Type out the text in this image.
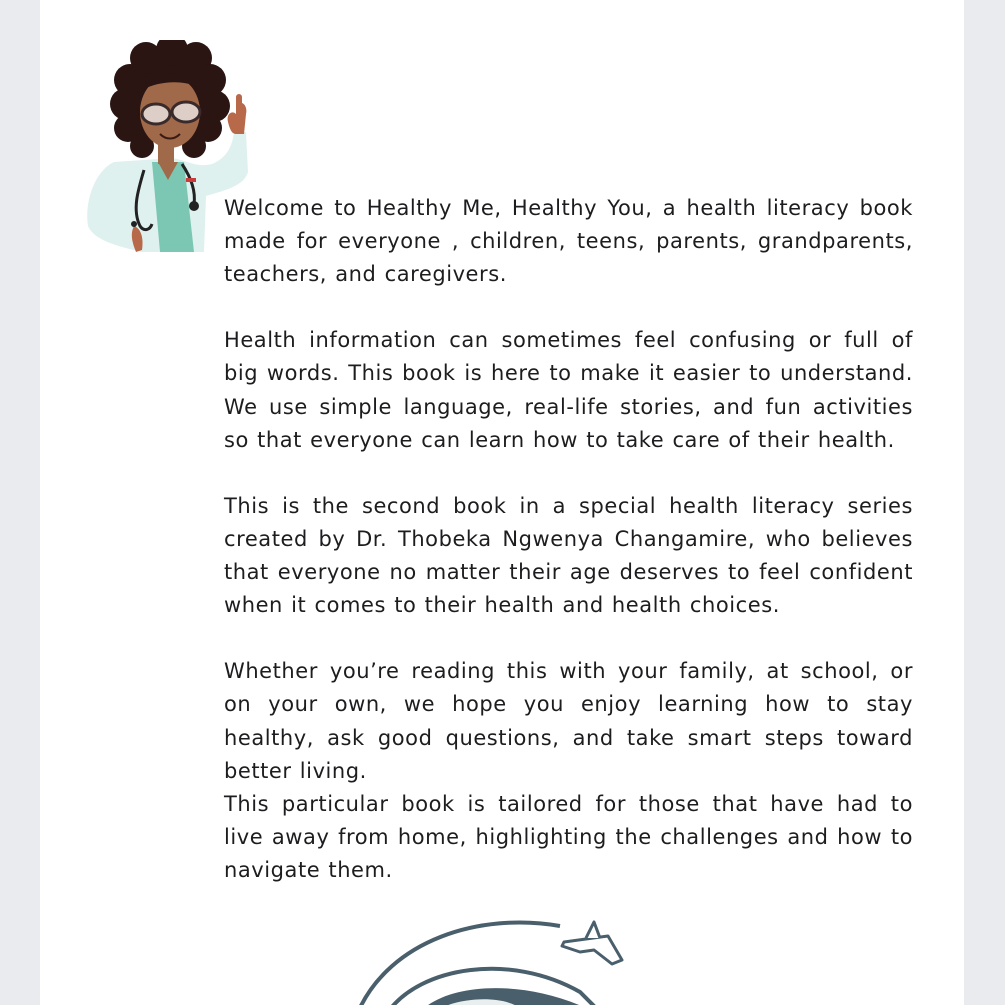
Welcome to Healthy Me, Healthy You, a health literacy book made for everyone , children, teens, parents, grandparents, teachers, and caregivers.

Health information can sometimes feel confusing or full of big words. This book is here to make it easier to understand. We use simple language, real-life stories, and fun activities so that everyone can learn how to take care of their health.

This is the second book in a special health literacy series created by Dr. Thobeka Ngwenya Changamire, who believes that everyone no matter their age deserves to feel confident when it comes to their health and health choices.

Whether you’re reading this with your family, at school, or on your own, we hope you enjoy learning how to stay healthy, ask good questions, and take smart steps toward better living.

This particular book is tailored for those that have had to live away from home, highlighting the challenges and how to navigate them.
